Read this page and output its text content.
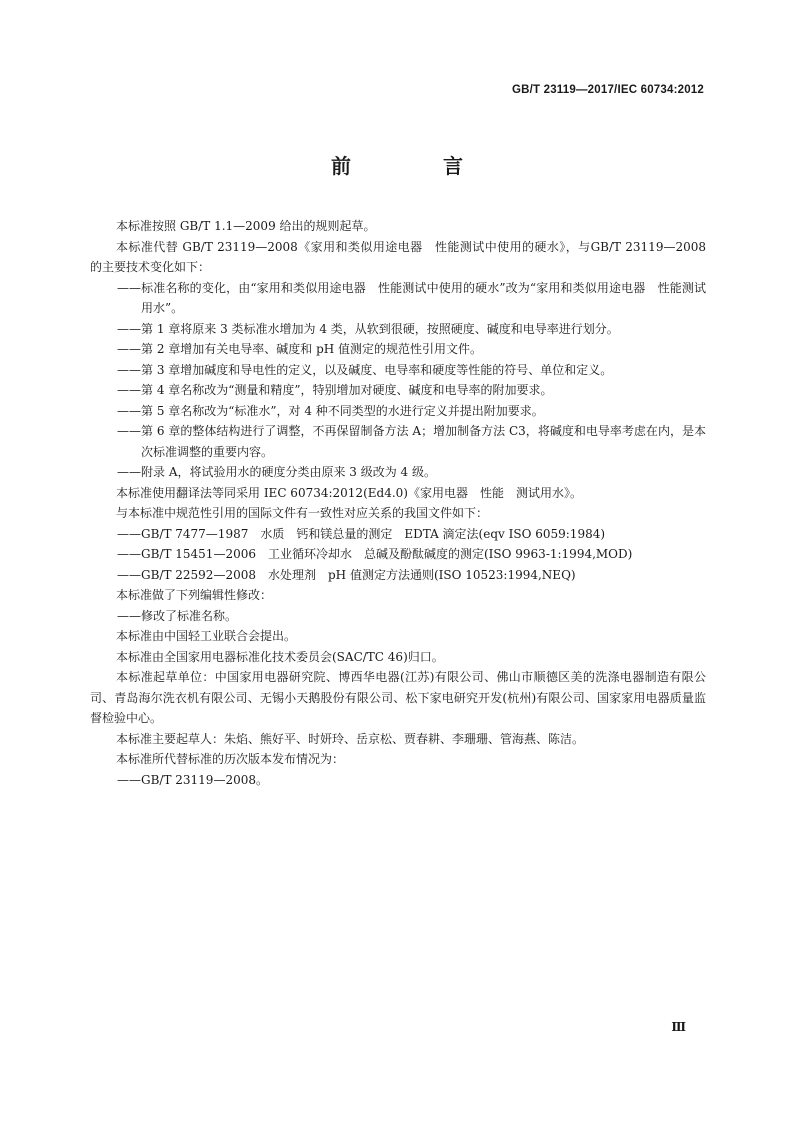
GB/T 23119—2017/IEC 60734:2012
前　言

本标准按照 GB/T 1.1—2009 给出的规则起草。

本标准代替 GB/T 23119—2008《家用和类似用途电器　性能测试中使用的硬水》，与GB/T 23119—2008 的主要技术变化如下：

——标准名称的变化，由“家用和类似用途电器　性能测试中使用的硬水”改为“家用和类似用途电器　性能测试用水”。

——第 1 章将原来 3 类标准水增加为 4 类，从软到很硬，按照硬度、碱度和电导率进行划分。

——第 2 章增加有关电导率、碱度和 pH 值测定的规范性引用文件。

——第 3 章增加碱度和导电性的定义，以及碱度、电导率和硬度等性能的符号、单位和定义。

——第 4 章名称改为“测量和精度”，特别增加对硬度、碱度和电导率的附加要求。

——第 5 章名称改为“标准水”，对 4 种不同类型的水进行定义并提出附加要求。

——第 6 章的整体结构进行了调整，不再保留制备方法 A；增加制备方法 C3，将碱度和电导率考虑在内，是本次标准调整的重要内容。

——附录 A，将试验用水的硬度分类由原来 3 级改为 4 级。

本标准使用翻译法等同采用 IEC 60734:2012(Ed4.0)《家用电器　性能　测试用水》。

与本标准中规范性引用的国际文件有一致性对应关系的我国文件如下：

——GB/T 7477—1987　水质　钙和镁总量的测定　EDTA 滴定法(eqv ISO 6059:1984)

——GB/T 15451—2006　工业循环冷却水　总碱及酚酞碱度的测定(ISO 9963-1:1994,MOD)

——GB/T 22592—2008　水处理剂　pH 值测定方法通则(ISO 10523:1994,NEQ)

本标准做了下列编辑性修改：

——修改了标准名称。

本标准由中国轻工业联合会提出。

本标准由全国家用电器标准化技术委员会(SAC/TC 46)归口。

本标准起草单位：中国家用电器研究院、博西华电器(江苏)有限公司、佛山市顺德区美的洗涤电器制造有限公司、青岛海尔洗衣机有限公司、无锡小天鹅股份有限公司、松下家电研究开发(杭州)有限公司、国家家用电器质量监督检验中心。

本标准主要起草人：朱焰、熊好平、时妍玲、岳京松、贾春耕、李珊珊、管海燕、陈洁。

本标准所代替标准的历次版本发布情况为：

——GB/T 23119—2008。

Ⅲ
